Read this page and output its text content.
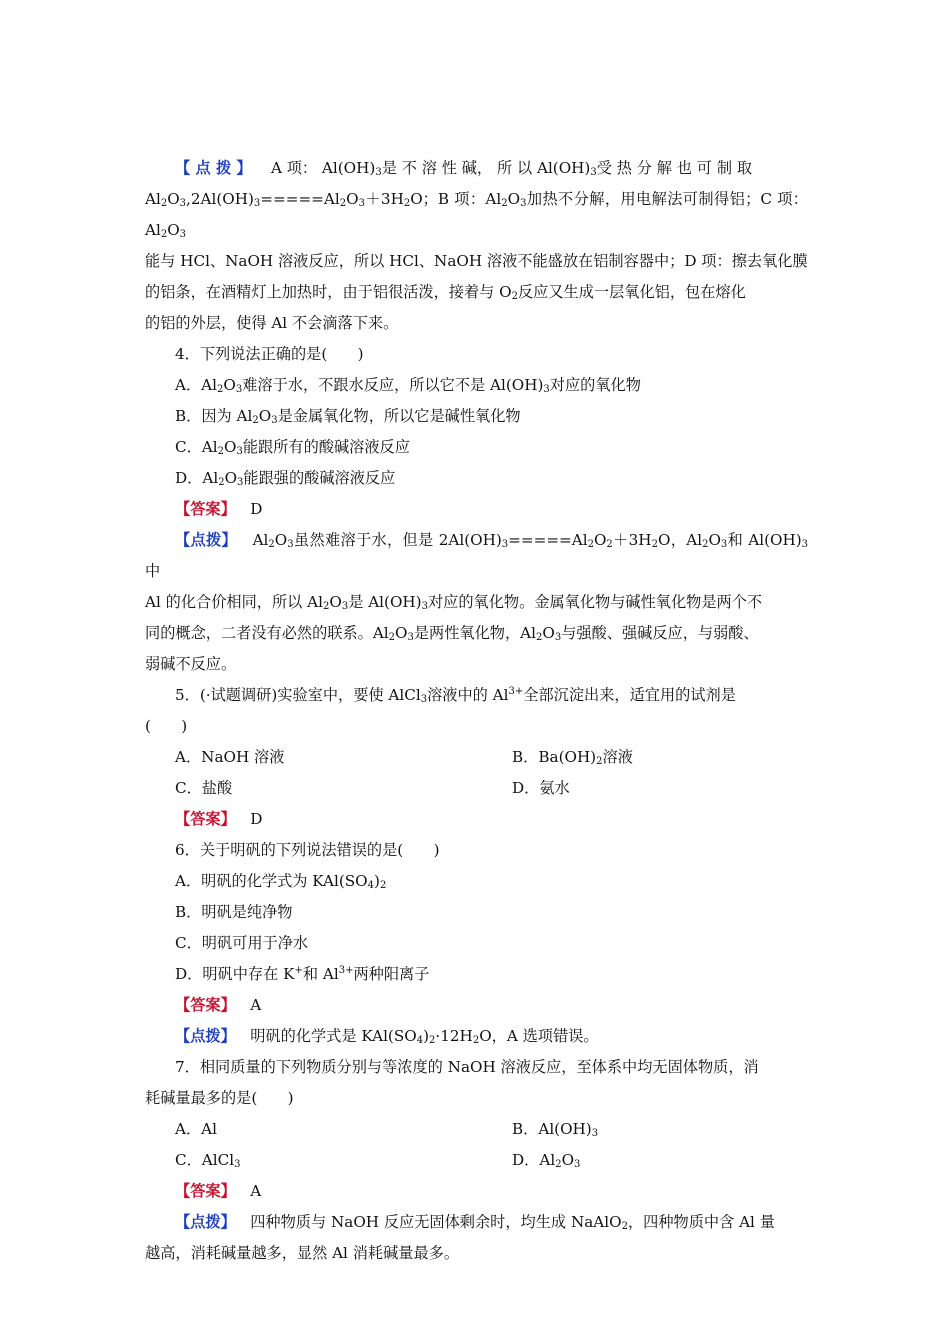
【 点 拨 】 A 项： $Al(OH)_3$是 不 溶 性 碱， 所 以 $Al(OH)_3$受 热 分 解 也 可 制 取
$Al_2O_3,2Al(OH)_3=====Al_2O_3+3H_2O$；B 项：$Al_2O_3$加热不分解，用电解法可制得铝；C 项：$Al_2O_3$
能与 HCl、NaOH 溶液反应，所以 HCl、NaOH 溶液不能盛放在铝制容器中；D 项：擦去氧化膜
的铝条，在酒精灯上加热时，由于铝很活泼，接着与 $O_2$反应又生成一层氧化铝，包在熔化
的铝的外层，使得 Al 不会滴落下来。

4．下列说法正确的是(　　)

A．$Al_2O_3$难溶于水，不跟水反应，所以它不是 $Al(OH)_3$对应的氧化物

B．因为 $Al_2O_3$是金属氧化物，所以它是碱性氧化物

C．$Al_2O_3$能跟所有的酸碱溶液反应

D．$Al_2O_3$能跟强的酸碱溶液反应

【答案】 D

【点拨】 $Al_2O_3$虽然难溶于水，但是 $2Al(OH)_3=====Al_2O_2+3H_2O$，$Al_2O_3$和 $Al(OH)_3$中
Al 的化合价相同，所以 $Al_2O_3$是 $Al(OH)_3$对应的氧化物。金属氧化物与碱性氧化物是两个不
同的概念，二者没有必然的联系。$Al_2O_3$是两性氧化物，$Al_2O_3$与强酸、强碱反应，与弱酸、
弱碱不反应。

5．(·试题调研)实验室中，要使 AlCl$_3$溶液中的 $Al^{3+}$全部沉淀出来，适宜用的试剂是
(　　)

A．NaOH 溶液	B．$Ba(OH)_2$溶液

C．盐酸	D．氨水

【答案】 D

6．关于明矾的下列说法错误的是(　　)

A．明矾的化学式为 $KAl(SO_4)_2$

B．明矾是纯净物

C．明矾可用于净水

D．明矾中存在 K+和 $Al^{3+}$两种阳离子

【答案】 A

【点拨】 明矾的化学式是 $KAl(SO_4)_2\cdot 12H_2O$，A 选项错误。

7．相同质量的下列物质分别与等浓度的 NaOH 溶液反应，至体系中均无固体物质，消
耗碱量最多的是(　　)

A．Al	B．$Al(OH)_3$

C．AlCl$_3$	D．$Al_2O_3$

【答案】 A

【点拨】 四种物质与 NaOH 反应无固体剩余时，均生成 NaAlO$_2$，四种物质中含 Al 量
越高，消耗碱量越多，显然 Al 消耗碱量最多。
